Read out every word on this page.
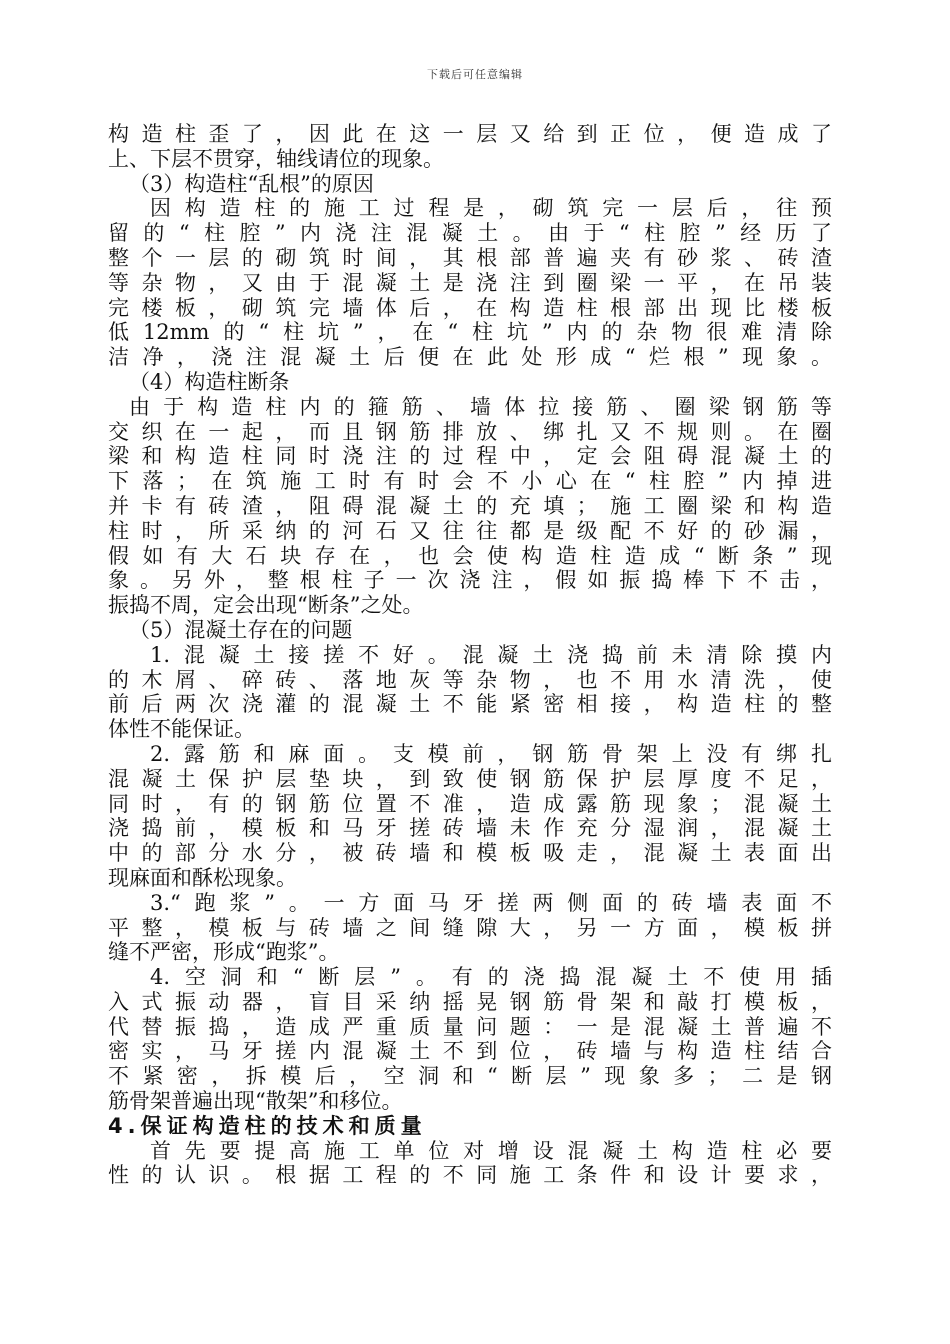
下载后可任意编辑
构造柱歪了，因此在这一层又给到正位，便造成了
上、下层不贯穿，轴线请位的现象。
（3）构造柱“乱根”的原因
因构造柱的施工过程是，砌筑完一层后，往预
留的“柱腔”内浇注混凝土。由于“柱腔”经历了
整个一层的砌筑时间，其根部普遍夹有砂浆、砖渣
等杂物，又由于混凝土是浇注到圈梁一平，在吊装
完楼板，砌筑完墙体后，在构造柱根部出现比楼板
低12mm的“柱坑”，在“柱坑”内的杂物很难清除
洁净，浇注混凝土后便在此处形成“烂根”现象。
（4）构造柱断条
由于构造柱内的箍筋、墙体拉接筋、圈梁钢筋等
交织在一起，而且钢筋排放、绑扎又不规则。在圈
梁和构造柱同时浇注的过程中，定会阻碍混凝土的
下落；在筑施工时有时会不小心在“柱腔”内掉进
并卡有砖渣，阻碍混凝土的充填；施工圈梁和构造
柱时，所采纳的河石又往往都是级配不好的砂漏，
假如有大石块存在，也会使构造柱造成“断条”现
象。另外，整根柱子一次浇注，假如振捣棒下不击，
振捣不周，定会出现“断条”之处。
（5）混凝土存在的问题
1.混凝土接搓不好。混凝土浇捣前未清除摸内
的木屑、碎砖、落地灰等杂物，也不用水清洗，使
前后两次浇灌的混凝土不能紧密相接，构造柱的整
体性不能保证。
2.露筋和麻面。支模前，钢筋骨架上没有绑扎
混凝土保护层垫块，到致使钢筋保护层厚度不足，
同时，有的钢筋位置不准，造成露筋现象；混凝土
浇捣前，模板和马牙搓砖墙未作充分湿润，混凝土
中的部分水分，被砖墙和模板吸走，混凝土表面出
现麻面和酥松现象。
3.“跑浆”。一方面马牙搓两侧面的砖墙表面不
平整，模板与砖墙之间缝隙大，另一方面，模板拼
缝不严密，形成“跑浆”。
4.空洞和“断层”。有的浇捣混凝土不使用插
入式振动器，盲目采纳摇晃钢筋骨架和敲打模板，
代替振捣，造成严重质量问题：一是混凝土普遍不
密实，马牙搓内混凝土不到位，砖墙与构造柱结合
不紧密，拆模后，空洞和“断层”现象多；二是钢
筋骨架普遍出现“散架”和移位。
4.保证构造柱的技术和质量
首先要提高施工单位对增设混凝土构造柱必要
性的认识。根据工程的不同施工条件和设计要求，
